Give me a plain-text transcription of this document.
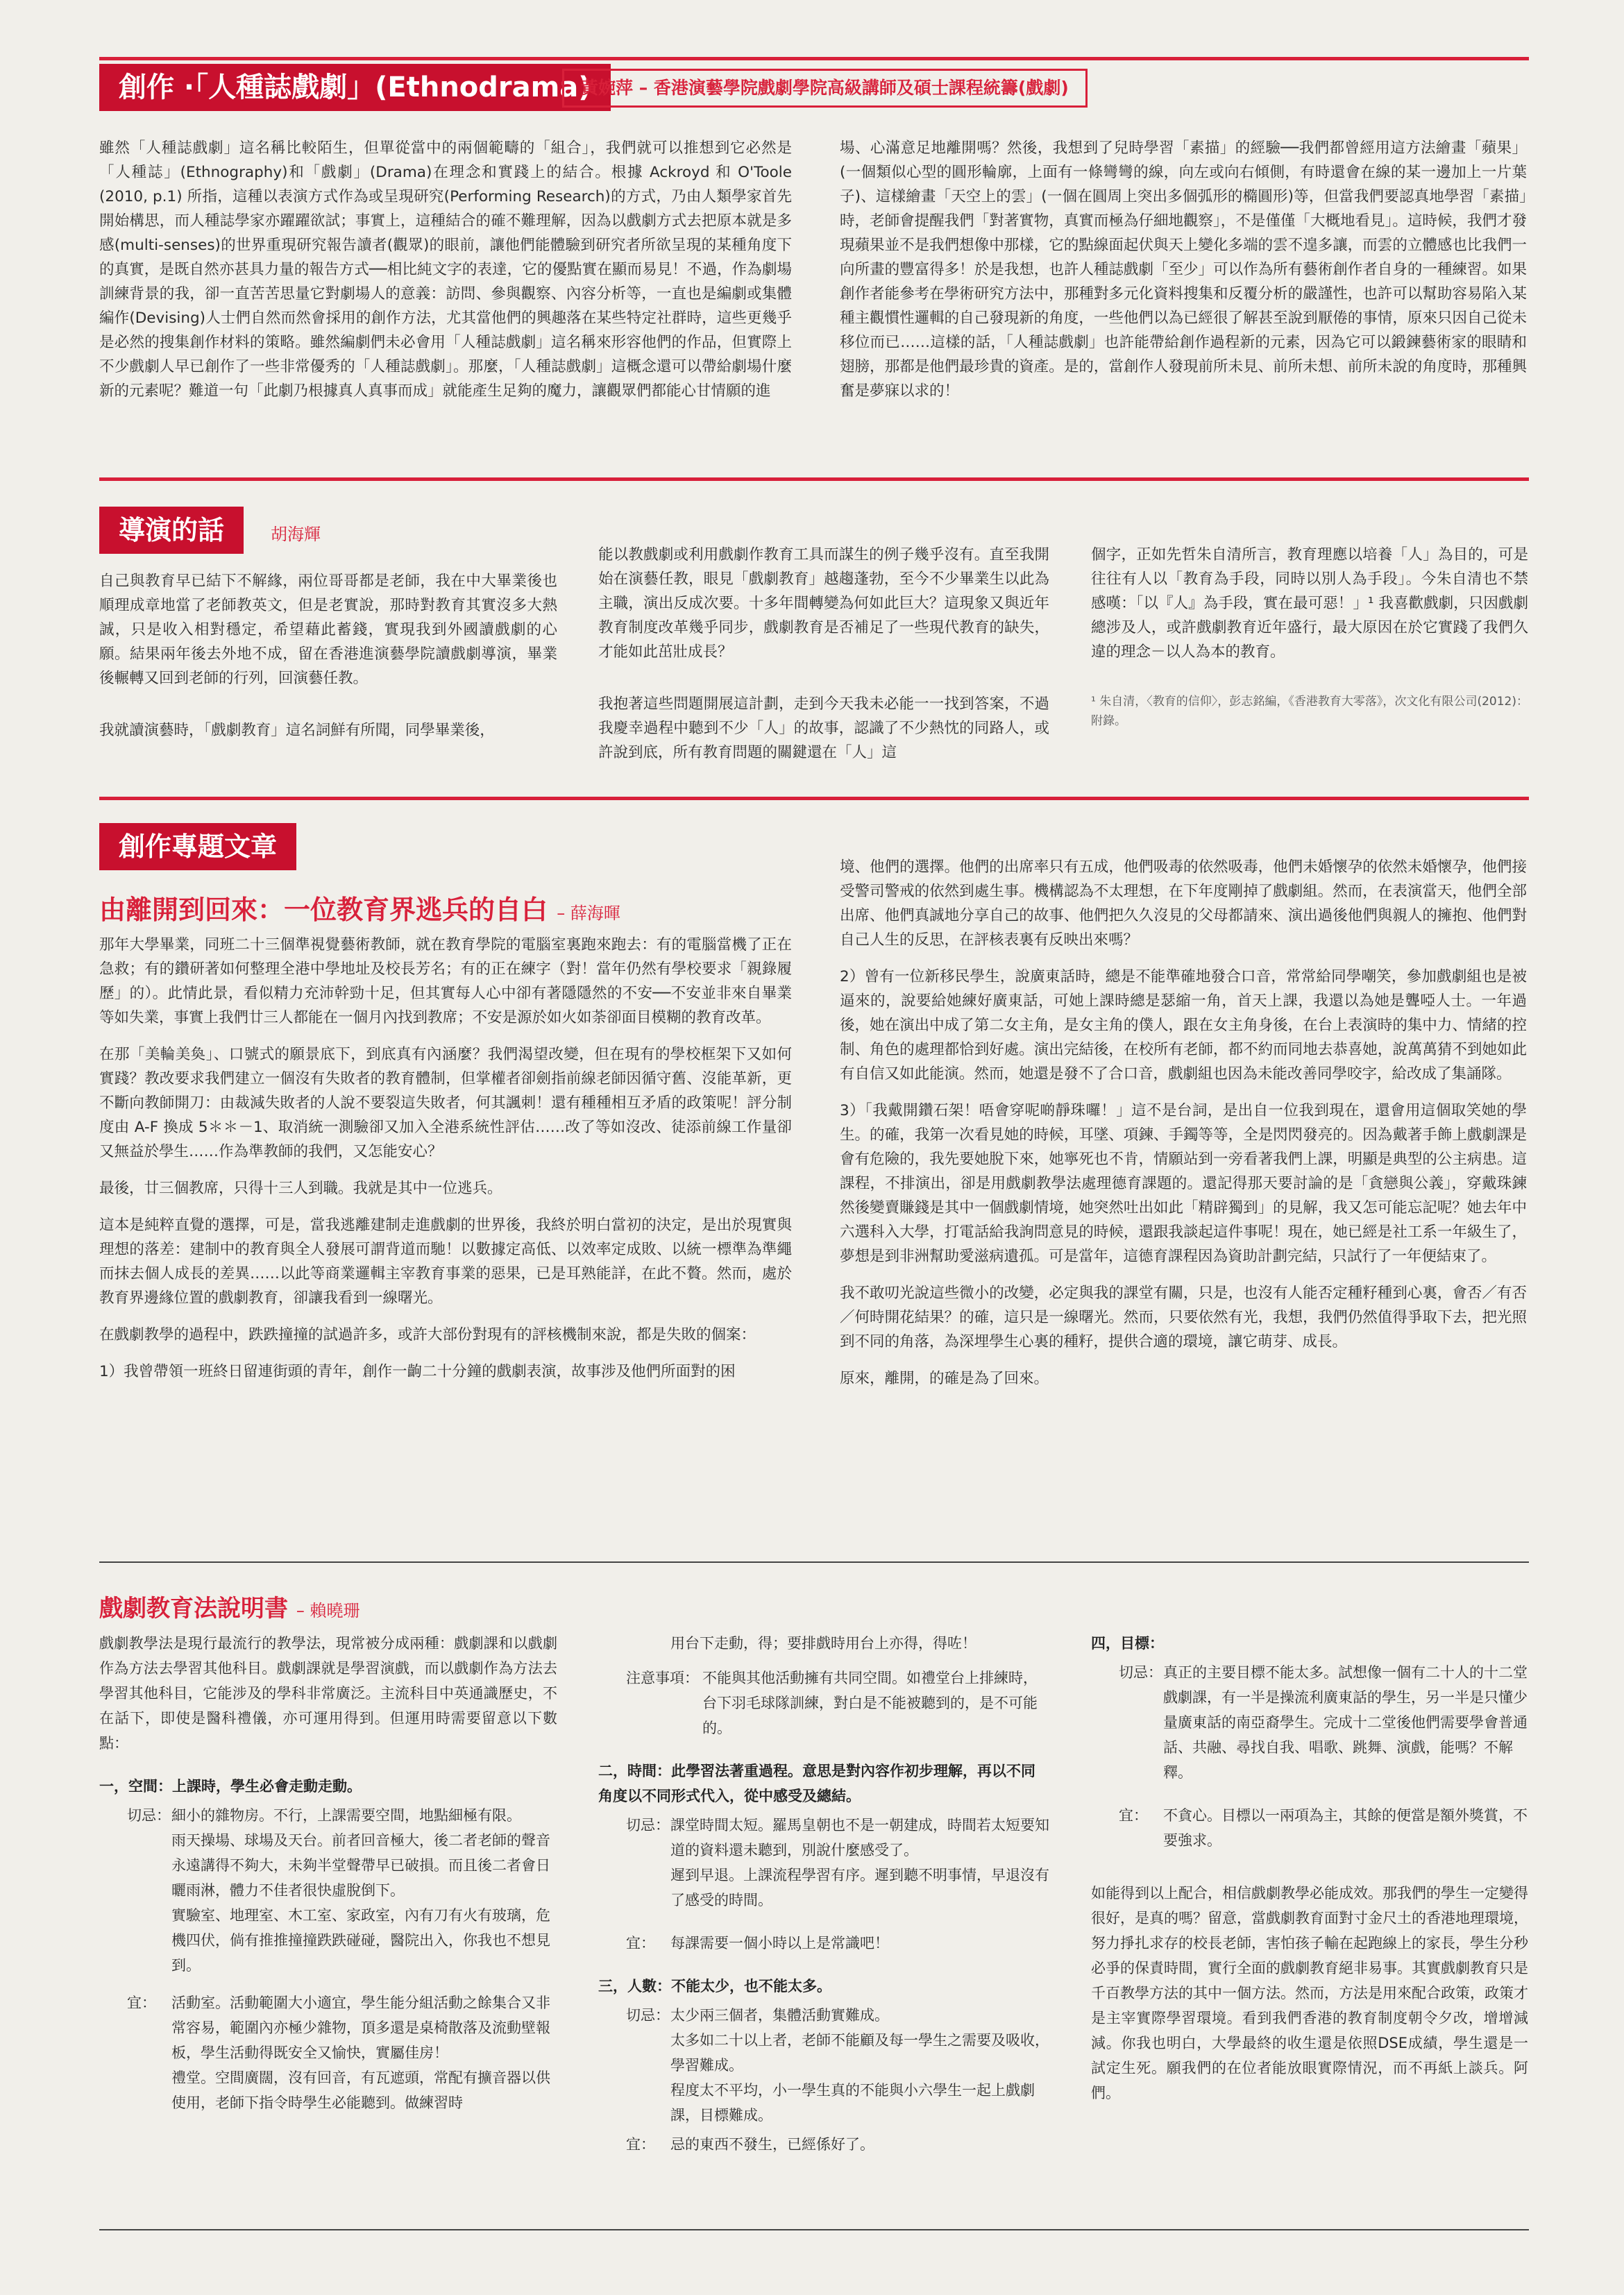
創作 ·「人種誌戲劇」(Ethnodrama)
黃婉萍 – 香港演藝學院戲劇學院高級講師及碩士課程統籌(戲劇)

雖然「人種誌戲劇」這名稱比較陌生，但單從當中的兩個範疇的「組合」，我們就可以推想到它必然是「人種誌」(Ethnography)和「戲劇」(Drama)在理念和實踐上的結合。根據 Ackroyd 和 O'Toole (2010, p.1) 所指，這種以表演方式作為或呈現研究(Performing Research)的方式，乃由人類學家首先開始構思，而人種誌學家亦躍躍欲試；事實上，這種結合的確不難理解，因為以戲劇方式去把原本就是多感(multi-senses)的世界重現研究報告讀者(觀眾)的眼前，讓他們能體驗到研究者所欲呈現的某種角度下的真實，是既自然亦甚具力量的報告方式──相比純文字的表達，它的優點實在顯而易見！不過，作為劇場訓練背景的我，卻一直苦苦思量它對劇場人的意義：訪問、參與觀察、內容分析等，一直也是編劇或集體編作(Devising)人士們自然而然會採用的創作方法，尤其當他們的興趣落在某些特定社群時，這些更幾乎是必然的搜集創作材料的策略。雖然編劇們未必會用「人種誌戲劇」這名稱來形容他們的作品，但實際上不少戲劇人早已創作了一些非常優秀的「人種誌戲劇」。那麼，「人種誌戲劇」這概念還可以帶給劇場什麼新的元素呢？難道一句「此劇乃根據真人真事而成」就能產生足夠的魔力，讓觀眾們都能心甘情願的進

場、心滿意足地離開嗎？然後，我想到了兒時學習「素描」的經驗──我們都曾經用這方法繪畫「蘋果」(一個類似心型的圓形輪廓，上面有一條彎彎的線，向左或向右傾側，有時還會在線的某一邊加上一片葉子)、這樣繪畫「天空上的雲」(一個在圓周上突出多個弧形的橢圓形)等，但當我們要認真地學習「素描」時，老師會提醒我們「對著實物，真實而極為仔細地觀察」，不是僅僅「大概地看見」。這時候，我們才發現蘋果並不是我們想像中那樣，它的點線面起伏與天上變化多端的雲不遑多讓，而雲的立體感也比我們一向所畫的豐富得多！於是我想，也許人種誌戲劇「至少」可以作為所有藝術創作者自身的一種練習。如果創作者能參考在學術研究方法中，那種對多元化資料搜集和反覆分析的嚴謹性，也許可以幫助容易陷入某種主觀慣性邏輯的自己發現新的角度，一些他們以為已經很了解甚至說到厭倦的事情，原來只因自己從未移位而已……這樣的話，「人種誌戲劇」也許能帶給創作過程新的元素，因為它可以鍛鍊藝術家的眼睛和翅膀，那都是他們最珍貴的資產。是的，當創作人發現前所未見、前所未想、前所未說的角度時，那種興奮是夢寐以求的！

導演的話	胡海輝

自己與教育早已結下不解緣，兩位哥哥都是老師，我在中大畢業後也順理成章地當了老師教英文，但是老實說，那時對教育其實沒多大熱誠，只是收入相對穩定，希望藉此蓄錢，實現我到外國讀戲劇的心願。結果兩年後去外地不成，留在香港進演藝學院讀戲劇導演，畢業後輾轉又回到老師的行列，回演藝任教。

我就讀演藝時，「戲劇教育」這名詞鮮有所聞，同學畢業後，

能以教戲劇或利用戲劇作教育工具而謀生的例子幾乎沒有。直至我開始在演藝任教，眼見「戲劇教育」越趨蓬勃，至今不少畢業生以此為主職，演出反成次要。十多年間轉變為何如此巨大？這現象又與近年教育制度改革幾乎同步，戲劇教育是否補足了一些現代教育的缺失，才能如此茁壯成長？

我抱著這些問題開展這計劃，走到今天我未必能一一找到答案，不過我慶幸過程中聽到不少「人」的故事，認識了不少熱忱的同路人，或許說到底，所有教育問題的關鍵還在「人」這

個字，正如先哲朱自清所言，教育理應以培養「人」為目的，可是往往有人以「教育為手段，同時以別人為手段」。今朱自清也不禁感嘆：「以『人』為手段，實在最可惡！」¹ 我喜歡戲劇，只因戲劇總涉及人，或許戲劇教育近年盛行，最大原因在於它實踐了我們久違的理念－以人為本的教育。

¹ 朱自清，〈教育的信仰〉，彭志銘編，《香港教育大零落》，次文化有限公司(2012)：附錄。

創作專題文章
由離開到回來：一位教育界逃兵的自白 – 薛海暉

那年大學畢業，同班二十三個準視覺藝術教師，就在教育學院的電腦室裏跑來跑去：有的電腦當機了正在急救；有的鑽研著如何整理全港中學地址及校長芳名；有的正在練字（對！當年仍然有學校要求「親錄履歷」的）。此情此景，看似精力充沛幹勁十足，但其實每人心中卻有著隱隱然的不安──不安並非來自畢業等如失業，事實上我們廿三人都能在一個月內找到教席；不安是源於如火如荼卻面目模糊的教育改革。

在那「美輪美奐」、口號式的願景底下，到底真有內涵麼？我們渴望改變，但在現有的學校框架下又如何實踐？教改要求我們建立一個沒有失敗者的教育體制，但掌權者卻劍指前線老師因循守舊、沒能革新，更不斷向教師開刀：由裁減失敗者的人說不要裂這失敗者，何其諷刺！還有種種相互矛盾的政策呢！評分制度由 A-F 換成 5＊＊－1、取消統一測驗卻又加入全港系統性評估……改了等如沒改、徒添前線工作量卻又無益於學生……作為準教師的我們，又怎能安心？

最後，廿三個教席，只得十三人到職。我就是其中一位逃兵。

這本是純粹直覺的選擇，可是，當我逃離建制走進戲劇的世界後，我終於明白當初的決定，是出於現實與理想的落差：建制中的教育與全人發展可謂背道而馳！以數據定高低、以效率定成敗、以統一標準為準繩而抹去個人成長的差異……以此等商業邏輯主宰教育事業的惡果，已是耳熟能詳，在此不贅。然而，處於教育界邊緣位置的戲劇教育，卻讓我看到一線曙光。

在戲劇教學的過程中，跌跌撞撞的試過許多，或許大部份對現有的評核機制來說，都是失敗的個案：

1）我曾帶領一班終日留連街頭的青年，創作一齣二十分鐘的戲劇表演，故事涉及他們所面對的困

境、他們的選擇。他們的出席率只有五成，他們吸毒的依然吸毒，他們未婚懷孕的依然未婚懷孕，他們接受警司警戒的依然到處生事。機構認為不太理想，在下年度剛掉了戲劇組。然而，在表演當天，他們全部出席、他們真誠地分享自己的故事、他們把久久沒見的父母都請來、演出過後他們與親人的擁抱、他們對自己人生的反思，在評核表裏有反映出來嗎？

2）曾有一位新移民學生，說廣東話時，總是不能準確地發合口音，常常給同學嘲笑，參加戲劇組也是被逼來的，說要給她練好廣東話，可她上課時總是瑟縮一角，首天上課，我還以為她是聾啞人士。一年過後，她在演出中成了第二女主角，是女主角的僕人，跟在女主角身後，在台上表演時的集中力、情緒的控制、角色的處理都恰到好處。演出完結後，在校所有老師，都不約而同地去恭喜她，說萬萬猜不到她如此有自信又如此能演。然而，她還是發不了合口音，戲劇組也因為未能改善同學咬字，給改成了集誦隊。

3）「我戴開鑽石架！唔會穿呢啲靜珠囉！」這不是台詞，是出自一位我到現在，還會用這個取笑她的學生。的確，我第一次看見她的時候，耳墜、項鍊、手鐲等等，全是閃閃發亮的。因為戴著手飾上戲劇課是會有危險的，我先要她脫下來，她寧死也不肯，情願站到一旁看著我們上課，明顯是典型的公主病患。這課程，不排演出，卻是用戲劇教學法處理德育課題的。還記得那天要討論的是「貪戀與公義」，穿戴珠鍊然後變賣賺錢是其中一個戲劇情境，她突然吐出如此「精辟獨到」的見解，我又怎可能忘記呢？她去年中六選科入大學，打電話給我詢問意見的時候，還跟我談起這件事呢！現在，她已經是社工系一年級生了，夢想是到非洲幫助愛滋病遺孤。可是當年，這德育課程因為資助計劃完結，只試行了一年便結束了。

我不敢叨光說這些微小的改變，必定與我的課堂有關，只是，也沒有人能否定種籽種到心裏，會否／有否／何時開花結果？的確，這只是一線曙光。然而，只要依然有光，我想，我們仍然值得爭取下去，把光照到不同的角落，為深埋學生心裏的種籽，提供合適的環境，讓它萌芽、成長。

原來，離開，的確是為了回來。

戲劇教育法說明書 – 賴曉珊

戲劇教學法是現行最流行的教學法，現常被分成兩種：戲劇課和以戲劇作為方法去學習其他科目。戲劇課就是學習演戲，而以戲劇作為方法去學習其他科目，它能涉及的學科非常廣泛。主流科目中英通識歷史，不在話下，即使是醫科禮儀，亦可運用得到。但運用時需要留意以下數點：

一，空間：上課時，學生必會走動走動。
切忌： 細小的雜物房。不行，上課需要空間，地點細極有限。
雨天操場、球場及天台。前者回音極大，後二者老師的聲音永遠講得不夠大，未夠半堂聲帶早已破損。而且後二者會日曬雨淋，體力不佳者很快虛脫倒下。
實驗室、地理室、木工室、家政室，內有刀有火有玻璃，危機四伏，倘有推推撞撞跌跌碰碰，醫院出入，你我也不想見到。
宜：	活動室。活動範圍大小適宜，學生能分組活動之餘集合又非常容易，範圍內亦極少雜物，頂多還是桌椅散落及流動壁報板，學生活動得既安全又愉快，實屬佳房！
禮堂。空間廣闊，沒有回音，有瓦遮頭，常配有擴音器以供使用，老師下指令時學生必能聽到。做練習時
用台下走動，得；要排戲時用台上亦得，得咗！
注意事項： 不能與其他活動擁有共同空間。如禮堂台上排練時，台下羽毛球隊訓練，對白是不能被聽到的，是不可能的。
二，時間：此學習法著重過程。意思是對內容作初步理解，再以不同角度以不同形式代入，從中感受及總結。
切忌： 課堂時間太短。羅馬皇朝也不是一朝建成，時間若太短要知道的資料還未聽到，別說什麼感受了。
遲到早退。上課流程學習有序。遲到聽不明事情，早退沒有了感受的時間。
宜：	每課需要一個小時以上是常識吧！
三，人數：不能太少，也不能太多。
切忌： 太少兩三個者，集體活動實難成。
太多如二十以上者，老師不能顧及每一學生之需要及吸收，學習難成。
程度太不平均，小一學生真的不能與小六學生一起上戲劇課，目標難成。
宜：	忌的東西不發生，已經係好了。
四，目標：
切忌： 真正的主要目標不能太多。試想像一個有二十人的十二堂戲劇課，有一半是操流利廣東話的學生，另一半是只懂少量廣東話的南亞裔學生。完成十二堂後他們需要學會普通話、共融、尋找自我、唱歌、跳舞、演戲，能嗎？不解釋。
宜：	不貪心。目標以一兩項為主，其餘的便當是額外獎賞，不要強求。

如能得到以上配合，相信戲劇教學必能成效。那我們的學生一定變得很好，是真的嗎？留意，當戲劇教育面對寸金尺土的香港地理環境，努力掙扎求存的校長老師，害怕孩子輸在起跑線上的家長，學生分秒必爭的保責時間，實行全面的戲劇教育絕非易事。其實戲劇教育只是千百教學方法的其中一個方法。然而，方法是用來配合政策，政策才是主宰實際學習環境。看到我們香港的教育制度朝令夕改，增增減減。你我也明白，大學最終的收生還是依照DSE成績，學生還是一試定生死。願我們的在位者能放眼實際情況，而不再紙上談兵。阿們。
